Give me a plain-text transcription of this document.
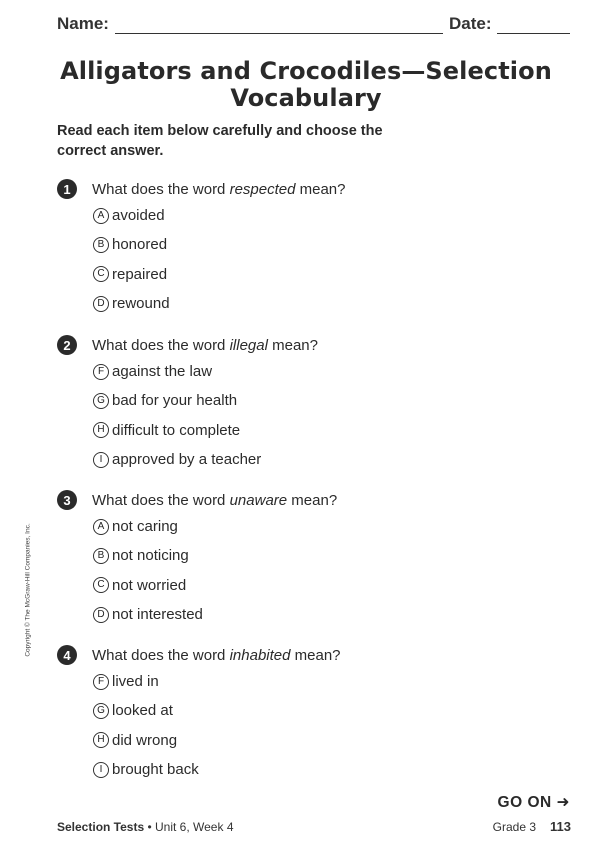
Name:	Date:
Alligators and Crocodiles—Selection
Vocabulary
Read each item below carefully and choose the correct answer.
1	What does the word respected mean?
A avoided
B honored
C repaired
D rewound
2	What does the word illegal mean?
F against the law
G bad for your health
H difficult to complete
I approved by a teacher
3	What does the word unaware mean?
A not caring
B not noticing
C not worried
D not interested
4	What does the word inhabited mean?
F lived in
G looked at
H did wrong
I brought back
Copyright © The McGraw-Hill Companies, Inc.
GO ON ➜
Selection Tests • Unit 6, Week 4	Grade 3 113
